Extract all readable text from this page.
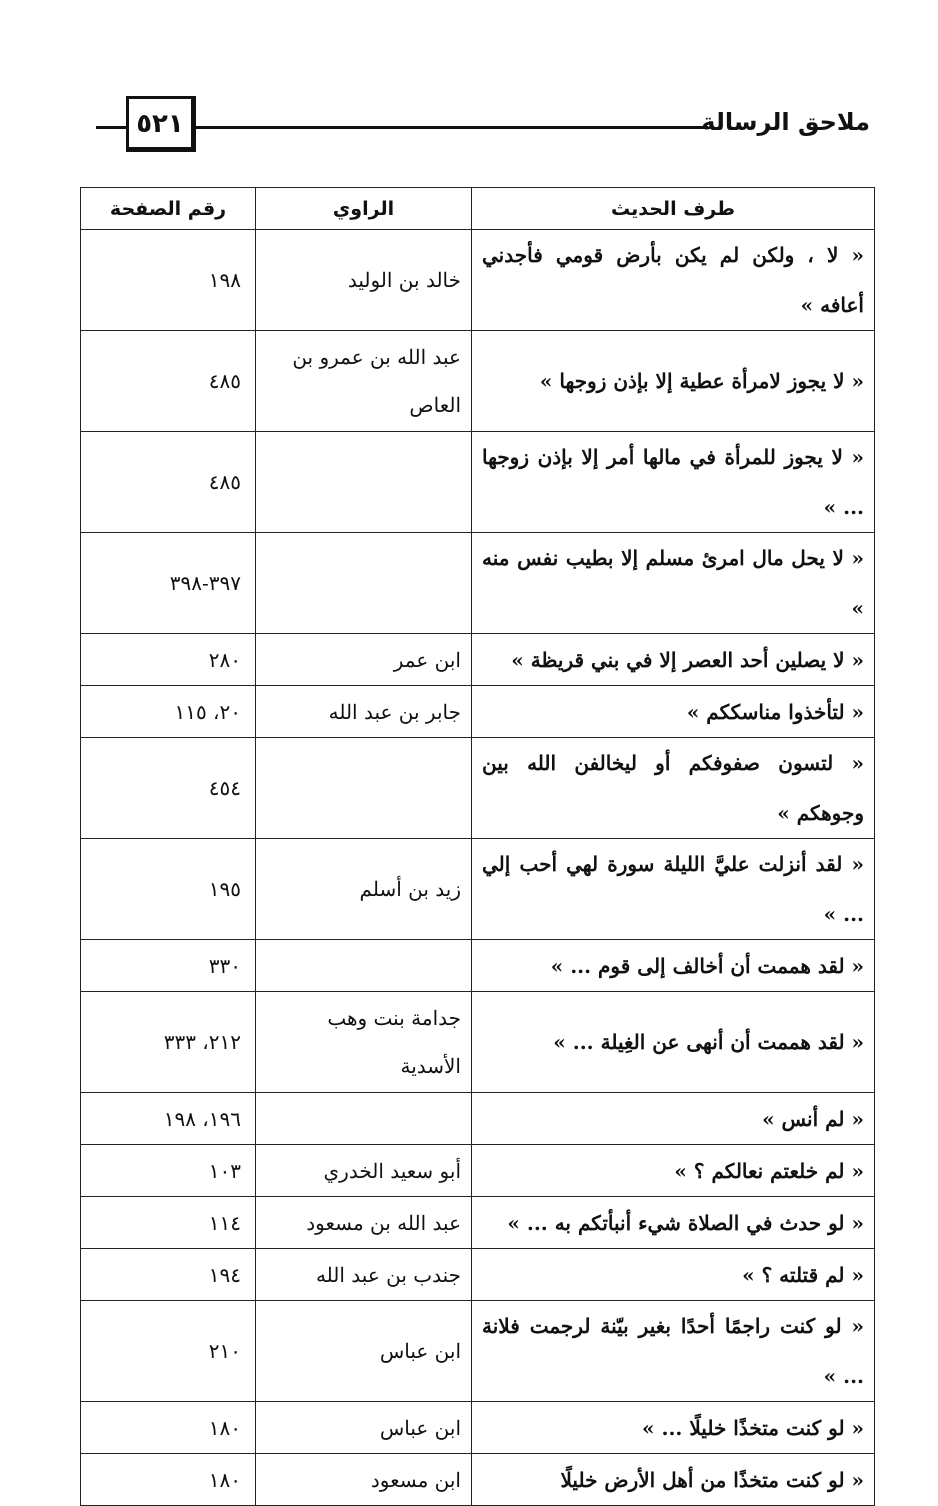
ملاحق الرسالة
٥٢١
طرف الحديث	الراوي	رقم الصفحة
« لا ، ولكن لم يكن بأرض قومي فأجدني أعافه »	خالد بن الوليد	١٩٨
« لا يجوز لامرأة عطية إلا بإذن زوجها »	عبد الله بن عمرو بن العاص	٤٨٥
« لا يجوز للمرأة في مالها أمر إلا بإذن زوجها ... »		٤٨٥
« لا يحل مال امرئ مسلم إلا بطيب نفس منه »		٣٩٧-٣٩٨
« لا يصلين أحد العصر إلا في بني قريظة »	ابن عمر	٢٨٠
« لتأخذوا مناسككم »	جابر بن عبد الله	٢٠، ١١٥
« لتسون صفوفكم أو ليخالفن الله بين وجوهكم »		٤٥٤
« لقد أنزلت عليَّ الليلة سورة لهي أحب إلي ... »	زيد بن أسلم	١٩٥
« لقد هممت أن أخالف إلى قوم ... »		٣٣٠
« لقد هممت أن أنهى عن الغِيلة ... »	جدامة بنت وهب الأسدية	٢١٢، ٣٣٣
« لم أنس »		١٩٦، ١٩٨
« لم خلعتم نعالكم ؟ »	أبو سعيد الخدري	١٠٣
« لو حدث في الصلاة شيء أنبأتكم به ... »	عبد الله بن مسعود	١١٤
« لم قتلته ؟ »	جندب بن عبد الله	١٩٤
« لو كنت راجمًا أحدًا بغير بيّنة لرجمت فلانة ... »	ابن عباس	٢١٠
« لو كنت متخذًا خليلًا ... »	ابن عباس	١٨٠
« لو كنت متخذًا من أهل الأرض خليلًا	ابن مسعود	١٨٠
